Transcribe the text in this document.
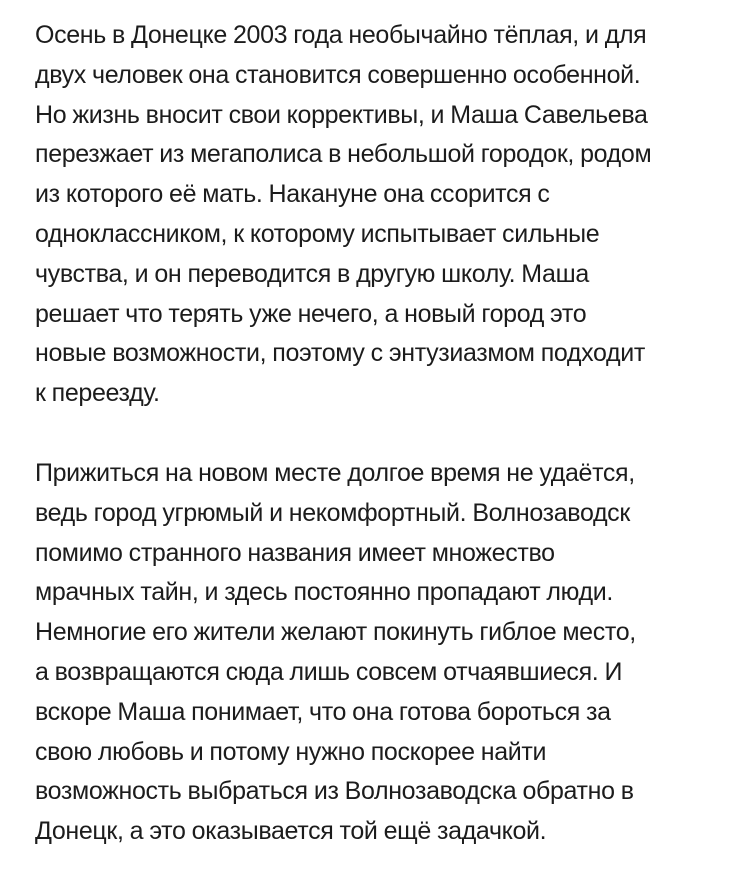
Осень в Донецке 2003 года необычайно тёплая, и для
двух человек она становится совершенно особенной.
Но жизнь вносит свои коррективы, и Маша Савельева
перезжает из мегаполиса в небольшой городок, родом
из которого её мать. Накануне она ссорится с
одноклассником, к которому испытывает сильные
чувства, и он переводится в другую школу. Маша
решает что терять уже нечего, а новый город это
новые возможности, поэтому с энтузиазмом подходит
к переезду.

Прижиться на новом месте долгое время не удаётся,
ведь город угрюмый и некомфортный. Волнозаводск
помимо странного названия имеет множество
мрачных тайн, и здесь постоянно пропадают люди.
Немногие его жители желают покинуть гиблое место,
а возвращаются сюда лишь совсем отчаявшиеся. И
вскоре Маша понимает, что она готова бороться за
свою любовь и потому нужно поскорее найти
возможность выбраться из Волнозаводска обратно в
Донецк, а это оказывается той ещё задачкой.
